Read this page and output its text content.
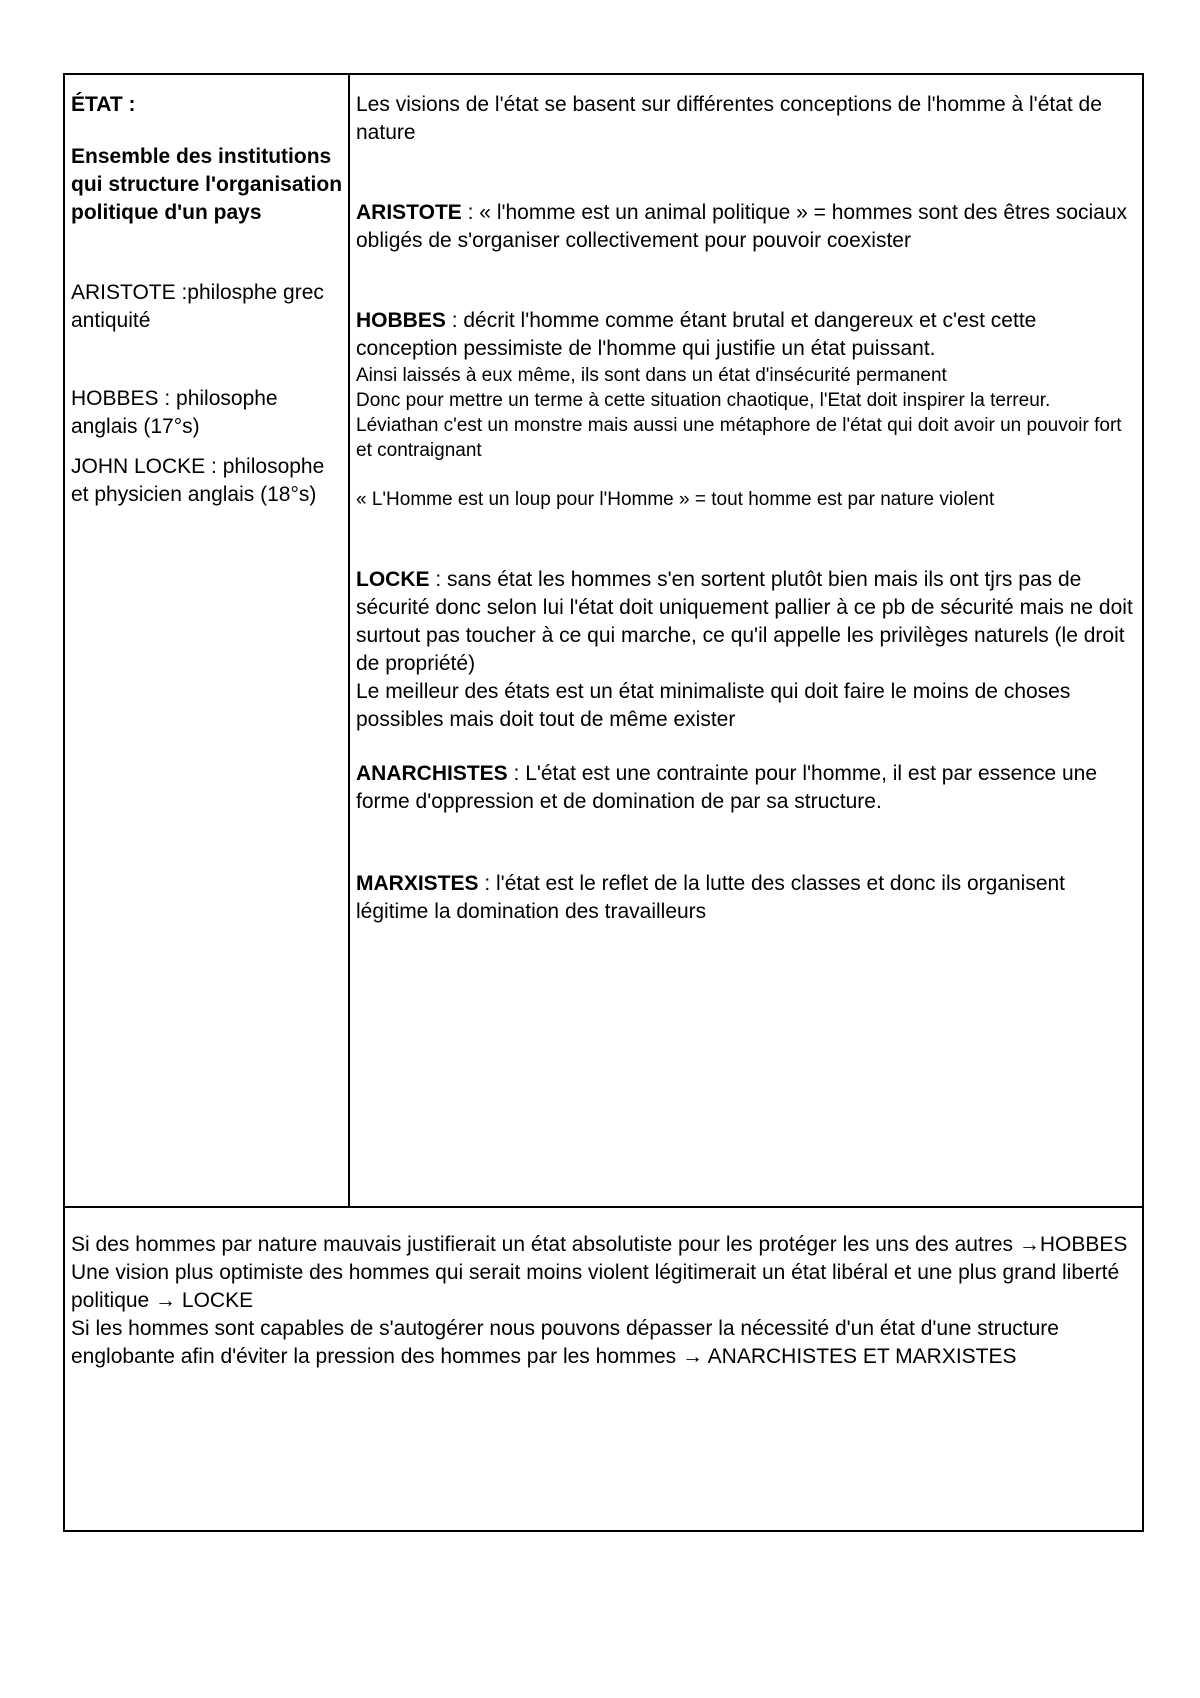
ÉTAT :

Ensemble des institutions qui structure l'organisation politique d'un pays

ARISTOTE :philosphe grec antiquité

HOBBES : philosophe anglais (17°s)

JOHN LOCKE : philosophe et physicien anglais (18°s)

Les visions de l'état se basent sur différentes conceptions de l'homme à l'état de nature

ARISTOTE : « l'homme est un animal politique » = hommes sont des êtres sociaux obligés de s'organiser collectivement pour pouvoir coexister

HOBBES : décrit l'homme comme étant brutal et dangereux et c'est cette conception pessimiste de l'homme qui justifie un état puissant.

Ainsi laissés à eux même, ils sont dans un état d'insécurité permanent

Donc pour mettre un terme à cette situation chaotique, l'Etat doit inspirer la terreur.

Léviathan c'est un monstre mais aussi une métaphore de l'état qui doit avoir un pouvoir fort et contraignant

« L'Homme est un loup pour l'Homme » = tout homme est par nature violent

LOCKE : sans état les hommes s'en sortent plutôt bien mais ils ont tjrs pas de sécurité donc selon lui l'état doit uniquement pallier à ce pb de sécurité mais ne doit surtout pas toucher à ce qui marche, ce qu'il appelle les privilèges naturels (le droit de propriété)

Le meilleur des états est un état minimaliste qui doit faire le moins de choses possibles mais doit tout de même exister

ANARCHISTES : L'état est une contrainte pour l'homme, il est par essence une forme d'oppression et de domination de par sa structure.

MARXISTES : l'état est le reflet de la lutte des classes et donc ils organisent légitime la domination des travailleurs

Si des hommes par nature mauvais justifierait un état absolutiste pour les protéger les uns des autres →HOBBES

Une vision plus optimiste des hommes qui serait moins violent légitimerait un état libéral et une plus grand liberté politique → LOCKE

Si les hommes sont capables de s'autogérer nous pouvons dépasser la nécessité d'un état d'une structure englobante afin d'éviter la pression des hommes par les hommes → ANARCHISTES ET MARXISTES
